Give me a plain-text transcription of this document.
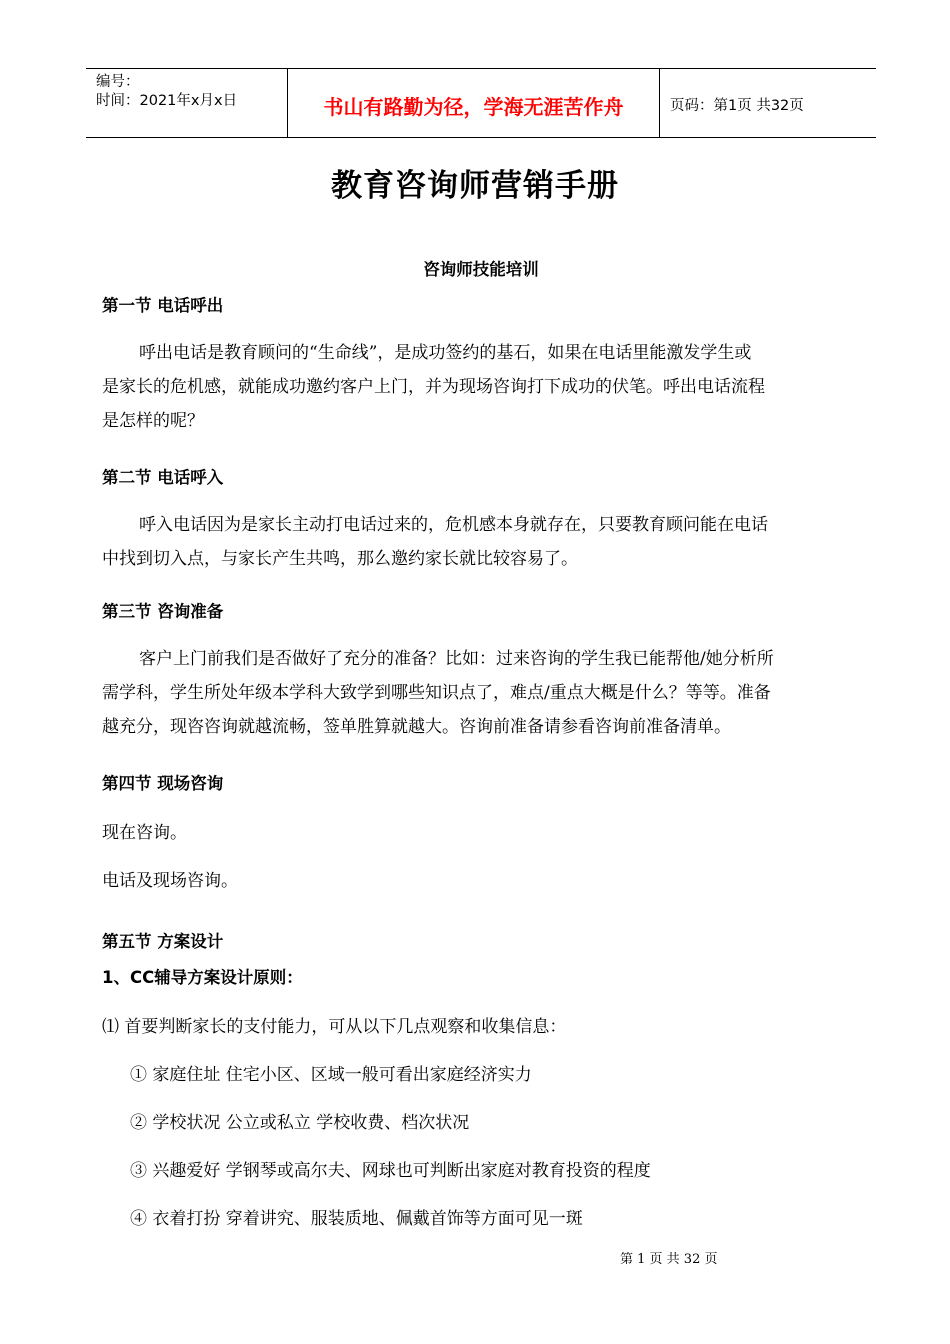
编号：
时间：2021年x月x日	书山有路勤为径，学海无涯苦作舟	页码：第1页 共32页
教育咨询师营销手册
咨询师技能培训
第一节 电话呼出
呼出电话是教育顾问的“生命线”，是成功签约的基石，如果在电话里能激发学生或
是家长的危机感，就能成功邀约客户上门，并为现场咨询打下成功的伏笔。呼出电话流程
是怎样的呢？
第二节 电话呼入
呼入电话因为是家长主动打电话过来的，危机感本身就存在，只要教育顾问能在电话
中找到切入点，与家长产生共鸣，那么邀约家长就比较容易了。
第三节 咨询准备
客户上门前我们是否做好了充分的准备？比如：过来咨询的学生我已能帮他/她分析所
需学科，学生所处年级本学科大致学到哪些知识点了，难点/重点大概是什么？等等。准备
越充分，现咨咨询就越流畅，签单胜算就越大。咨询前准备请参看咨询前准备清单。
第四节 现场咨询
现在咨询。
电话及现场咨询。
第五节 方案设计
1、CC辅导方案设计原则：
⑴ 首要判断家长的支付能力，可从以下几点观察和收集信息：
① 家庭住址 住宅小区、区域一般可看出家庭经济实力
② 学校状况 公立或私立 学校收费、档次状况
③ 兴趣爱好 学钢琴或高尔夫、网球也可判断出家庭对教育投资的程度
④ 衣着打扮 穿着讲究、服装质地、佩戴首饰等方面可见一斑
第 1 页 共 32 页
